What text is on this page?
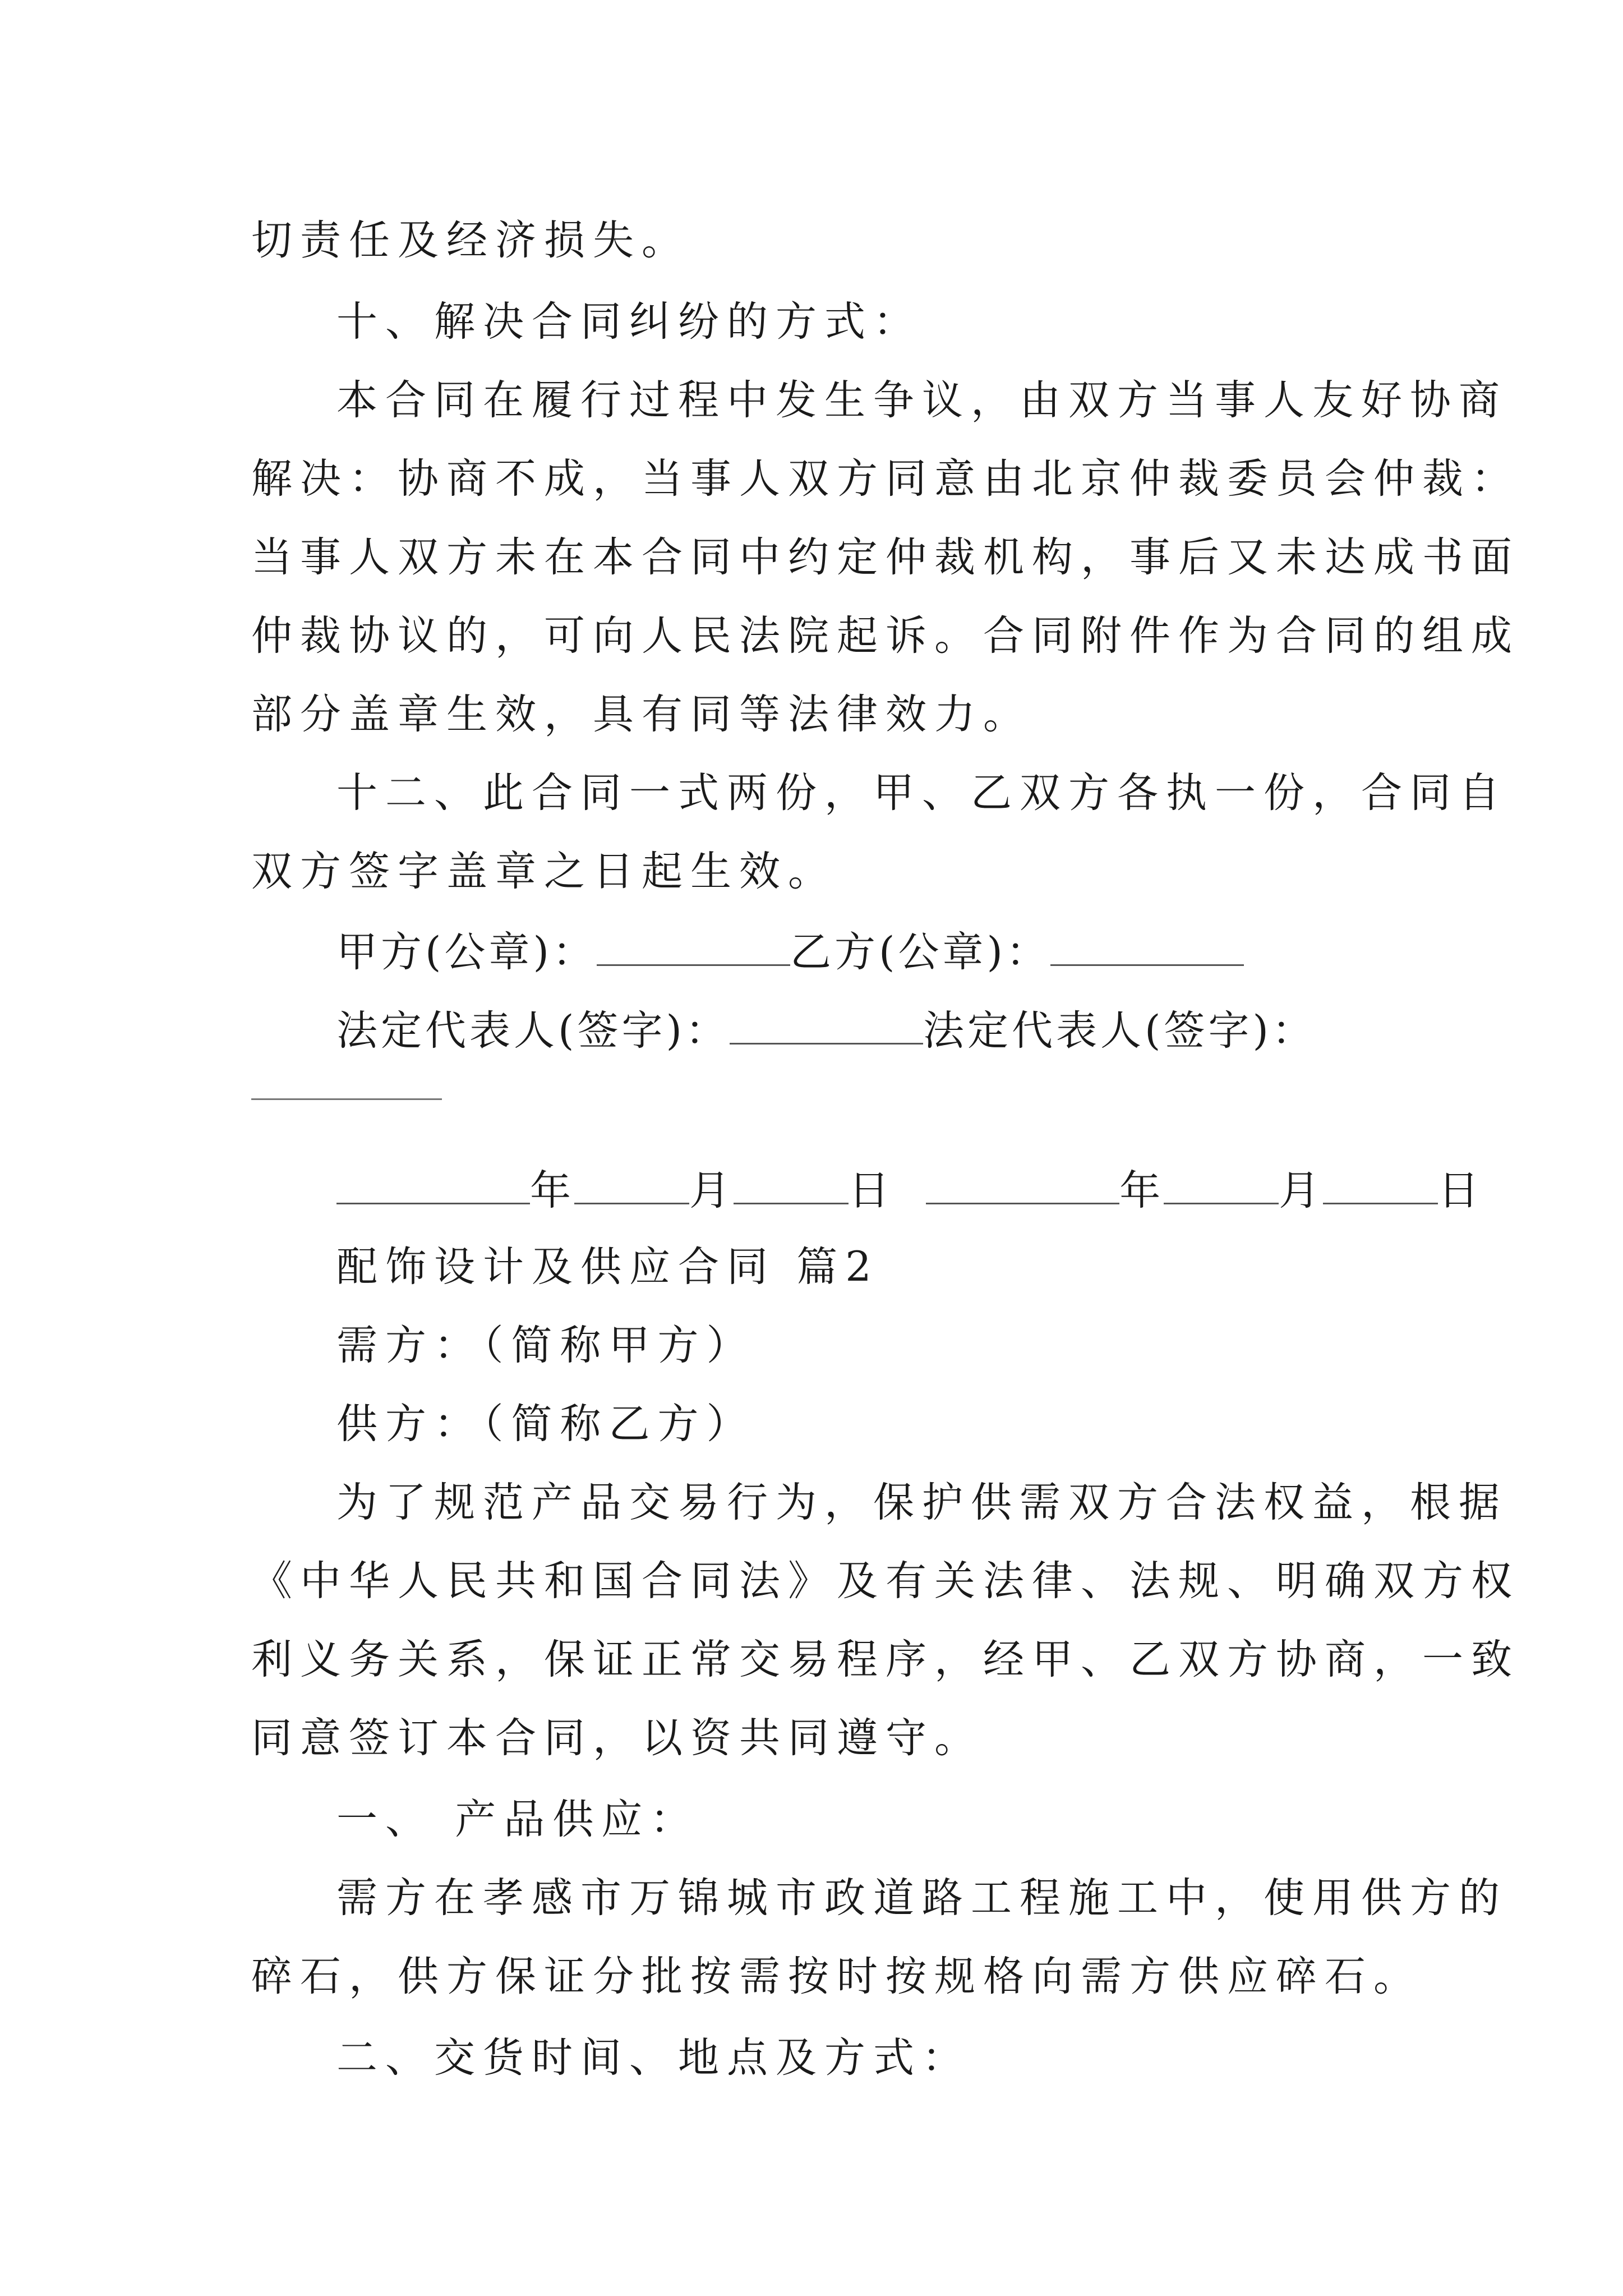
切责任及经济损失。

十、解决合同纠纷的方式：

本合同在履行过程中发生争议，由双方当事人友好协商

解决：协商不成，当事人双方同意由北京仲裁委员会仲裁：

当事人双方未在本合同中约定仲裁机构，事后又未达成书面

仲裁协议的，可向人民法院起诉。合同附件作为合同的组成

部分盖章生效，具有同等法律效力。

十二、此合同一式两份，甲、乙双方各执一份，合同自

双方签字盖章之日起生效。

甲方(公章)：	乙方(公章)：

法定代表人(签字)：	法定代表人(签字)：

年	月	日	年	月	日

配饰设计及供应合同 篇2

需方：（简称甲方）

供方：（简称乙方）

为了规范产品交易行为，保护供需双方合法权益，根据

《中华人民共和国合同法》及有关法律、法规、明确双方权

利义务关系，保证正常交易程序，经甲、乙双方协商，一致

同意签订本合同，以资共同遵守。

一、 产品供应：

需方在孝感市万锦城市政道路工程施工中，使用供方的

碎石，供方保证分批按需按时按规格向需方供应碎石。

二、交货时间、地点及方式：
